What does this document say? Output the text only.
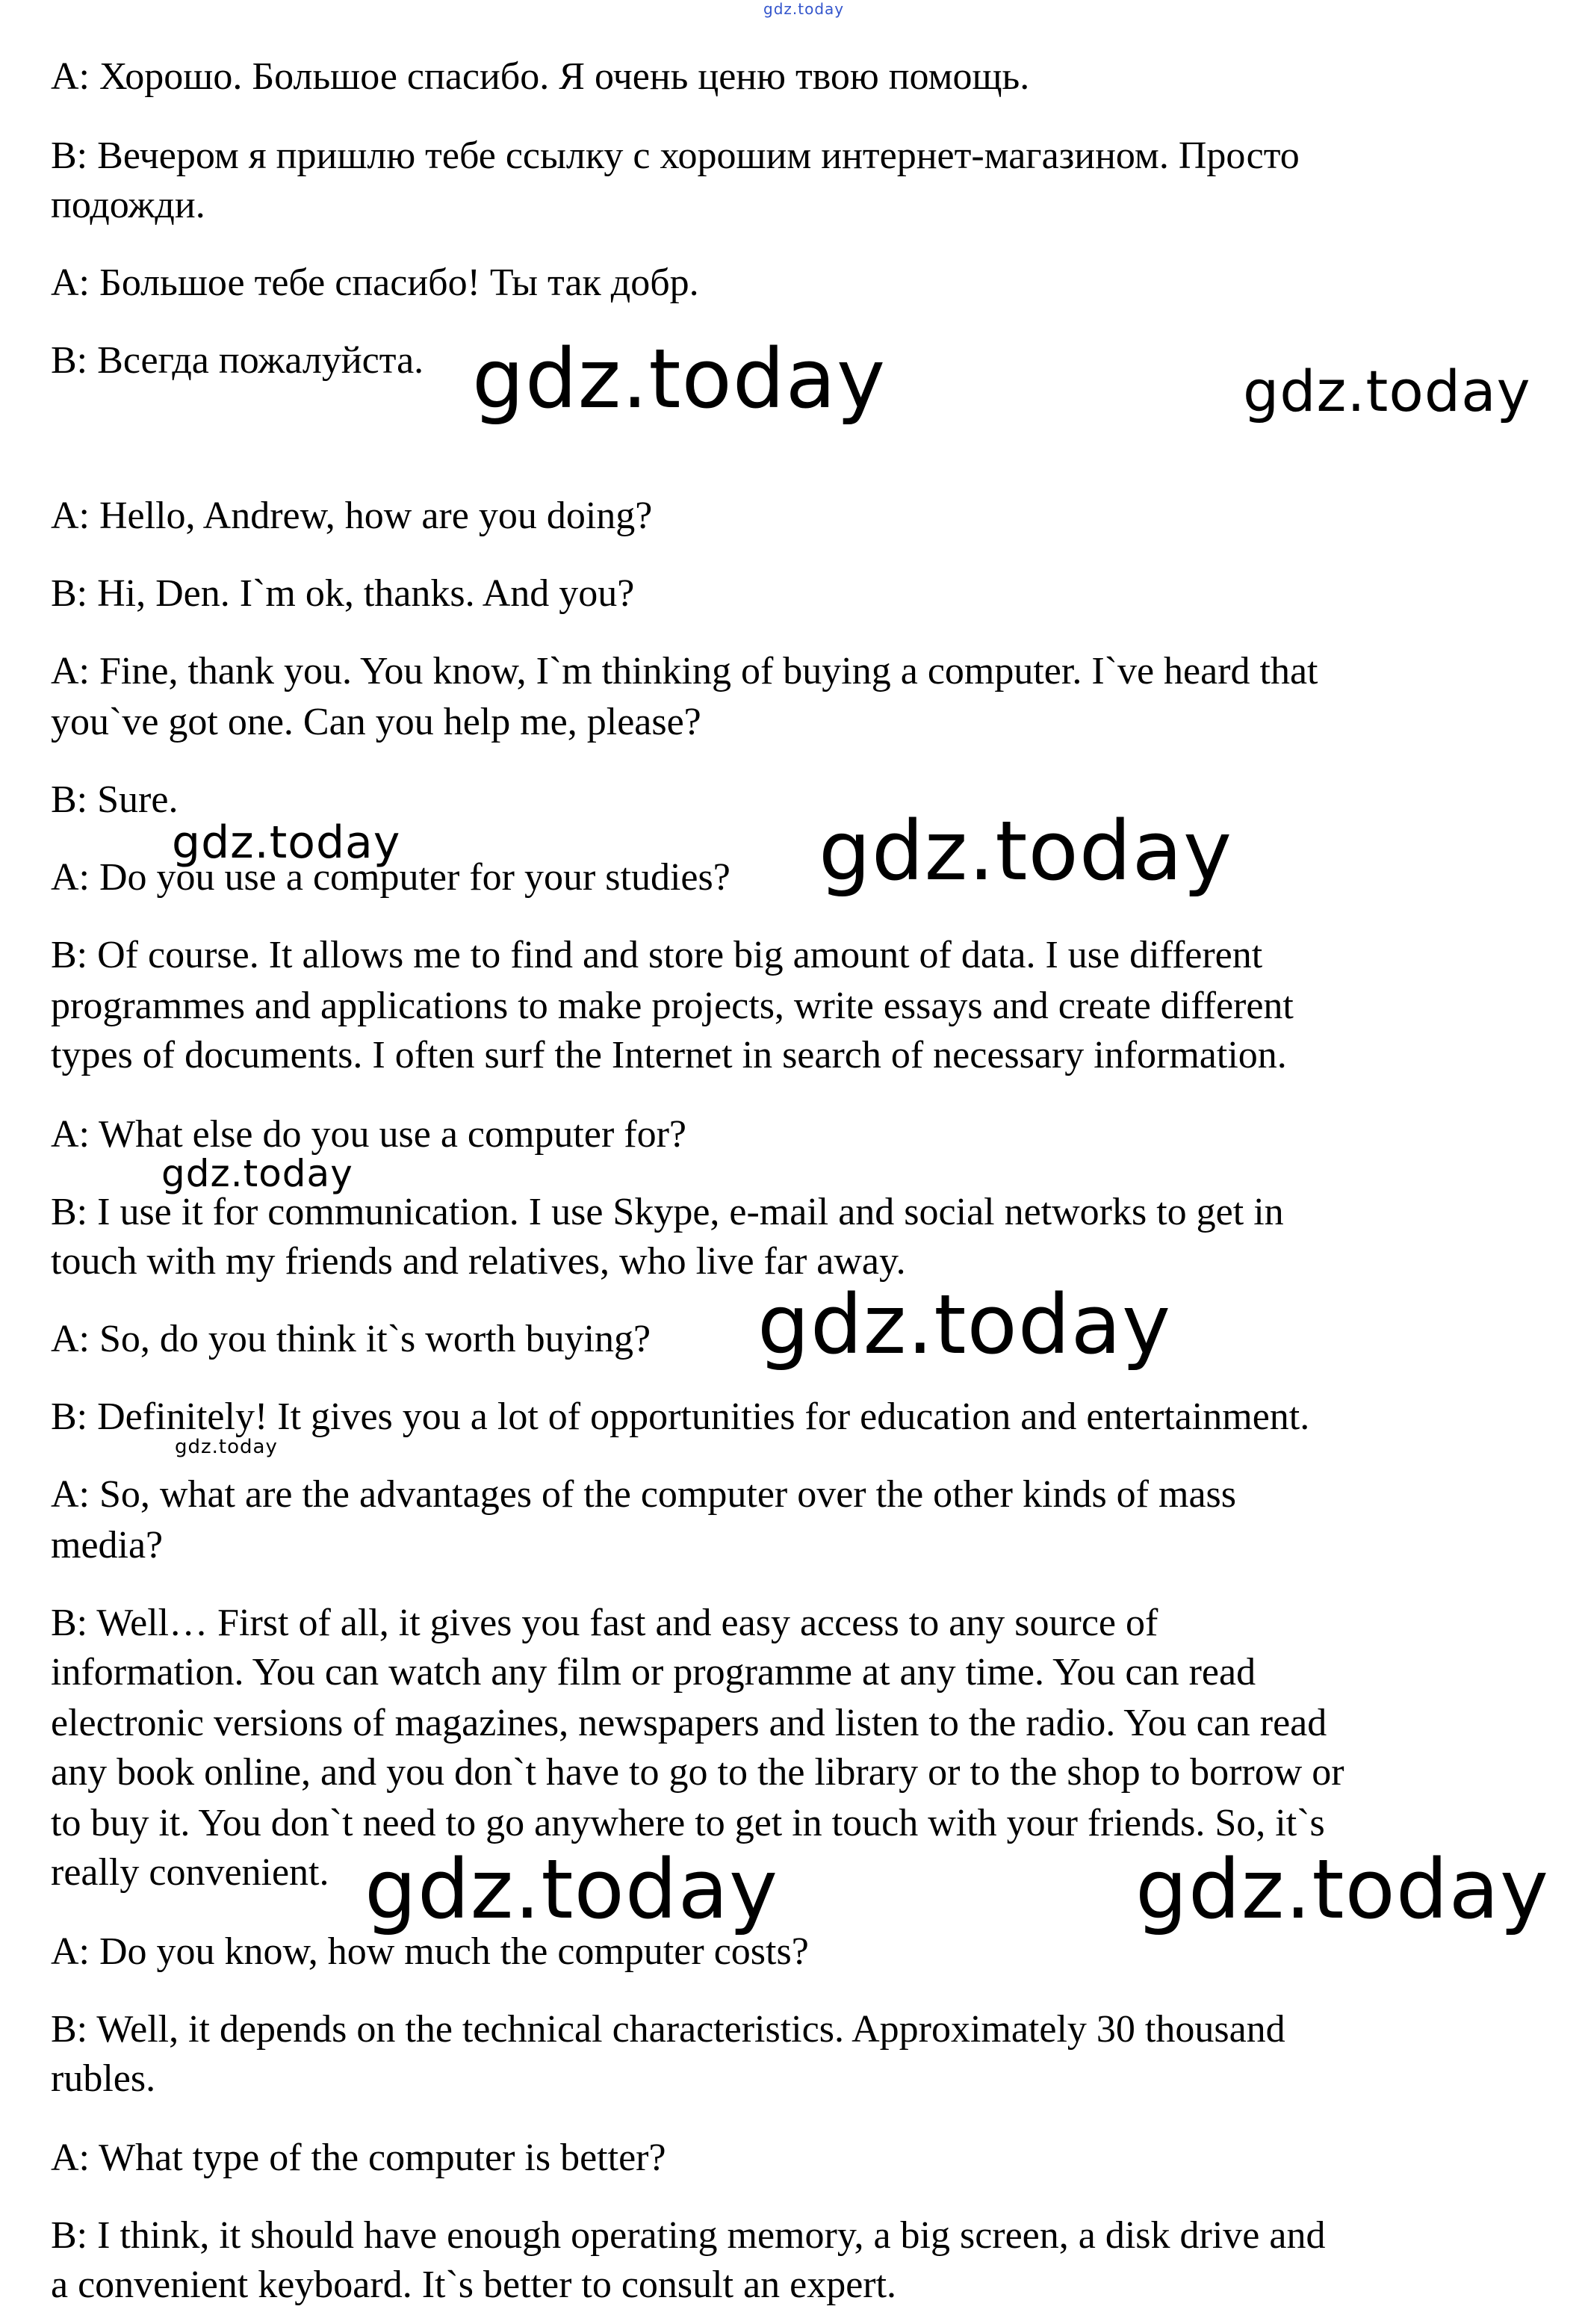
gdz.today
gdz.today	gdz.today
gdz.today	gdz.today
gdz.today
gdz.today
gdz.today
gdz.today	gdz.today

A: Хорошо. Большое спасибо. Я очень ценю твою помощь.

B: Вечером я пришлю тебе ссылку с хорошим интернет-магазином. Просто

подожди.

A: Большое тебе спасибо! Ты так добр.

B: Всегда пожалуйста.

A: Hello, Andrew, how are you doing?

B: Hi, Den. I`m ok, thanks. And you?

A: Fine, thank you. You know, I`m thinking of buying a computer. I`ve heard that

you`ve got one. Can you help me, please?

B: Sure.

A: Do you use a computer for your studies?

B: Of course. It allows me to find and store big amount of data. I use different

programmes and applications to make projects, write essays and create different

types of documents. I often surf the Internet in search of necessary information.

A: What else do you use a computer for?

B: I use it for communication. I use Skype, e-mail and social networks to get in

touch with my friends and relatives, who live far away.

A: So, do you think it`s worth buying?

B: Definitely! It gives you a lot of opportunities for education and entertainment.

A: So, what are the advantages of the computer over the other kinds of mass

media?

B: Well… First of all, it gives you fast and easy access to any source of

information. You can watch any film or programme at any time. You can read

electronic versions of magazines, newspapers and listen to the radio. You can read

any book online, and you don`t have to go to the library or to the shop to borrow or

to buy it. You don`t need to go anywhere to get in touch with your friends. So, it`s

really convenient.

A: Do you know, how much the computer costs?

B: Well, it depends on the technical characteristics. Approximately 30 thousand

rubles.

A: What type of the computer is better?

B: I think, it should have enough operating memory, a big screen, a disk drive and

a convenient keyboard. It`s better to consult an expert.
